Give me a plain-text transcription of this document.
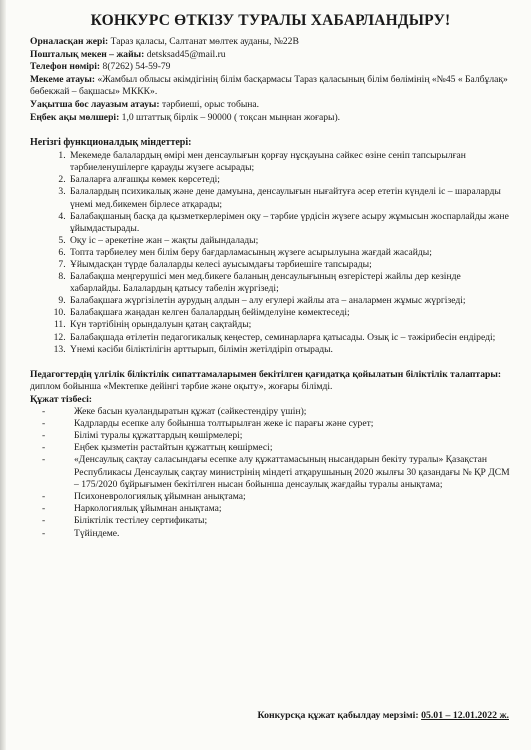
КОНКУРС ӨТКІЗУ ТУРАЛЫ ХАБАРЛАНДЫРУ!
Орналасқан жері: Тараз қаласы, Салтанат мөлтек ауданы, №22В
Пошталық мекен – жайы: detsksad45@mail.ru
Телефон нөмірі: 8(7262) 54-59-79
Мекеме атауы: «Жамбыл облысы әкімдігінің білім басқармасы Тараз қаласының білім бөлімінің «№45 « Балбұлақ» бөбекжай – бақшасы» МККК».
Уақытша бос лауазым атауы: тәрбиеші, орыс тобына.
Еңбек ақы мөлшері: 1,0 штаттық бірлік – 90000 ( тоқсан мыңнан жоғары).
Негізгі функционалдық міндеттері:
1. Мекемеде балалардың өмірі мен денсаулығын қорғау нұсқауына сәйкес өзіне сеніп тапсырылған тәрбиеленушілерге қарауды жүзеге асырады;
2. Балаларға алғашқы көмек көрсетеді;
3. Балалардың психикалық және дене дамуына, денсаулығын нығайтуға әсер ететін күнделі іс – шараларды үнемі мед.бикемен бірлесе атқарады;
4. Балабақшаның басқа да қызметкерлерімен оқу – тәрбие үрдісін жүзеге асыру жұмысын жоспарлайды және ұйымдастырады.
5. Оқу іс – әрекетіне жан – жақты дайындалады;
6. Топта тәрбиелеу мен білім беру бағдарламасының жүзеге асырылуына жағдай жасайды;
7. Ұйымдасқан түрде балаларды келесі ауысымдағы тәрбиешіге тапсырады;
8. Балабақша меңгерушісі мен мед.бикеге баланың денсаулығының өзгерістері жайлы дер кезінде хабарлайды. Балалардың қатысу табелін жүргізеді;
9. Балабақшаға жүргізілетін аурудың алдын – алу егулері жайлы ата – аналармен жұмыс жүргізеді;
10. Балабақшаға жаңадан келген балалардың бейімделуіне көмектеседі;
11. Күн тәртібінің орындалуын қатаң сақтайды;
12. Балабақшада өтілетін педагогикалық кеңестер, семинарларға қатысады. Озық іс – тәжірибесін ендіреді;
13. Үнемі кәсіби біліктілігін арттырып, білімін жетілдіріп отырады.
Педагогтердің үлгілік біліктілік сипаттамаларымен бекітілген қағидатқа қойылатын біліктілік талаптары: диплом бойынша «Мектепке дейінгі тәрбие және оқыту», жоғары білімді.
Құжат тізбесі:
- Жеке басын куәландыратын құжат (сәйкестендіру үшін);
- Кадрларды есепке алу бойынша толтырылған жеке іс парағы және сурет;
- Білімі туралы құжаттардың көшірмелері;
- Еңбек қызметін растайтын құжаттың көшірмесі;
- «Денсаулық сақтау саласындағы есепке алу құжаттамасының нысандарын бекіту туралы» Қазақстан Республикасы Денсаулық сақтау министрінің міндеті атқарушының 2020 жылғы 30 қазандағы № ҚР ДСМ – 175/2020 бұйрығымен бекітілген нысан бойынша денсаулық жағдайы туралы анықтама;
- Психоневрологиялық ұйымнан анықтама;
- Наркологиялық ұйымнан анықтама;
- Біліктілік тестілеу сертификаты;
- Түйіндеме.
Конкурсқа құжат қабылдау мерзімі: 05.01 – 12.01.2022 ж.
